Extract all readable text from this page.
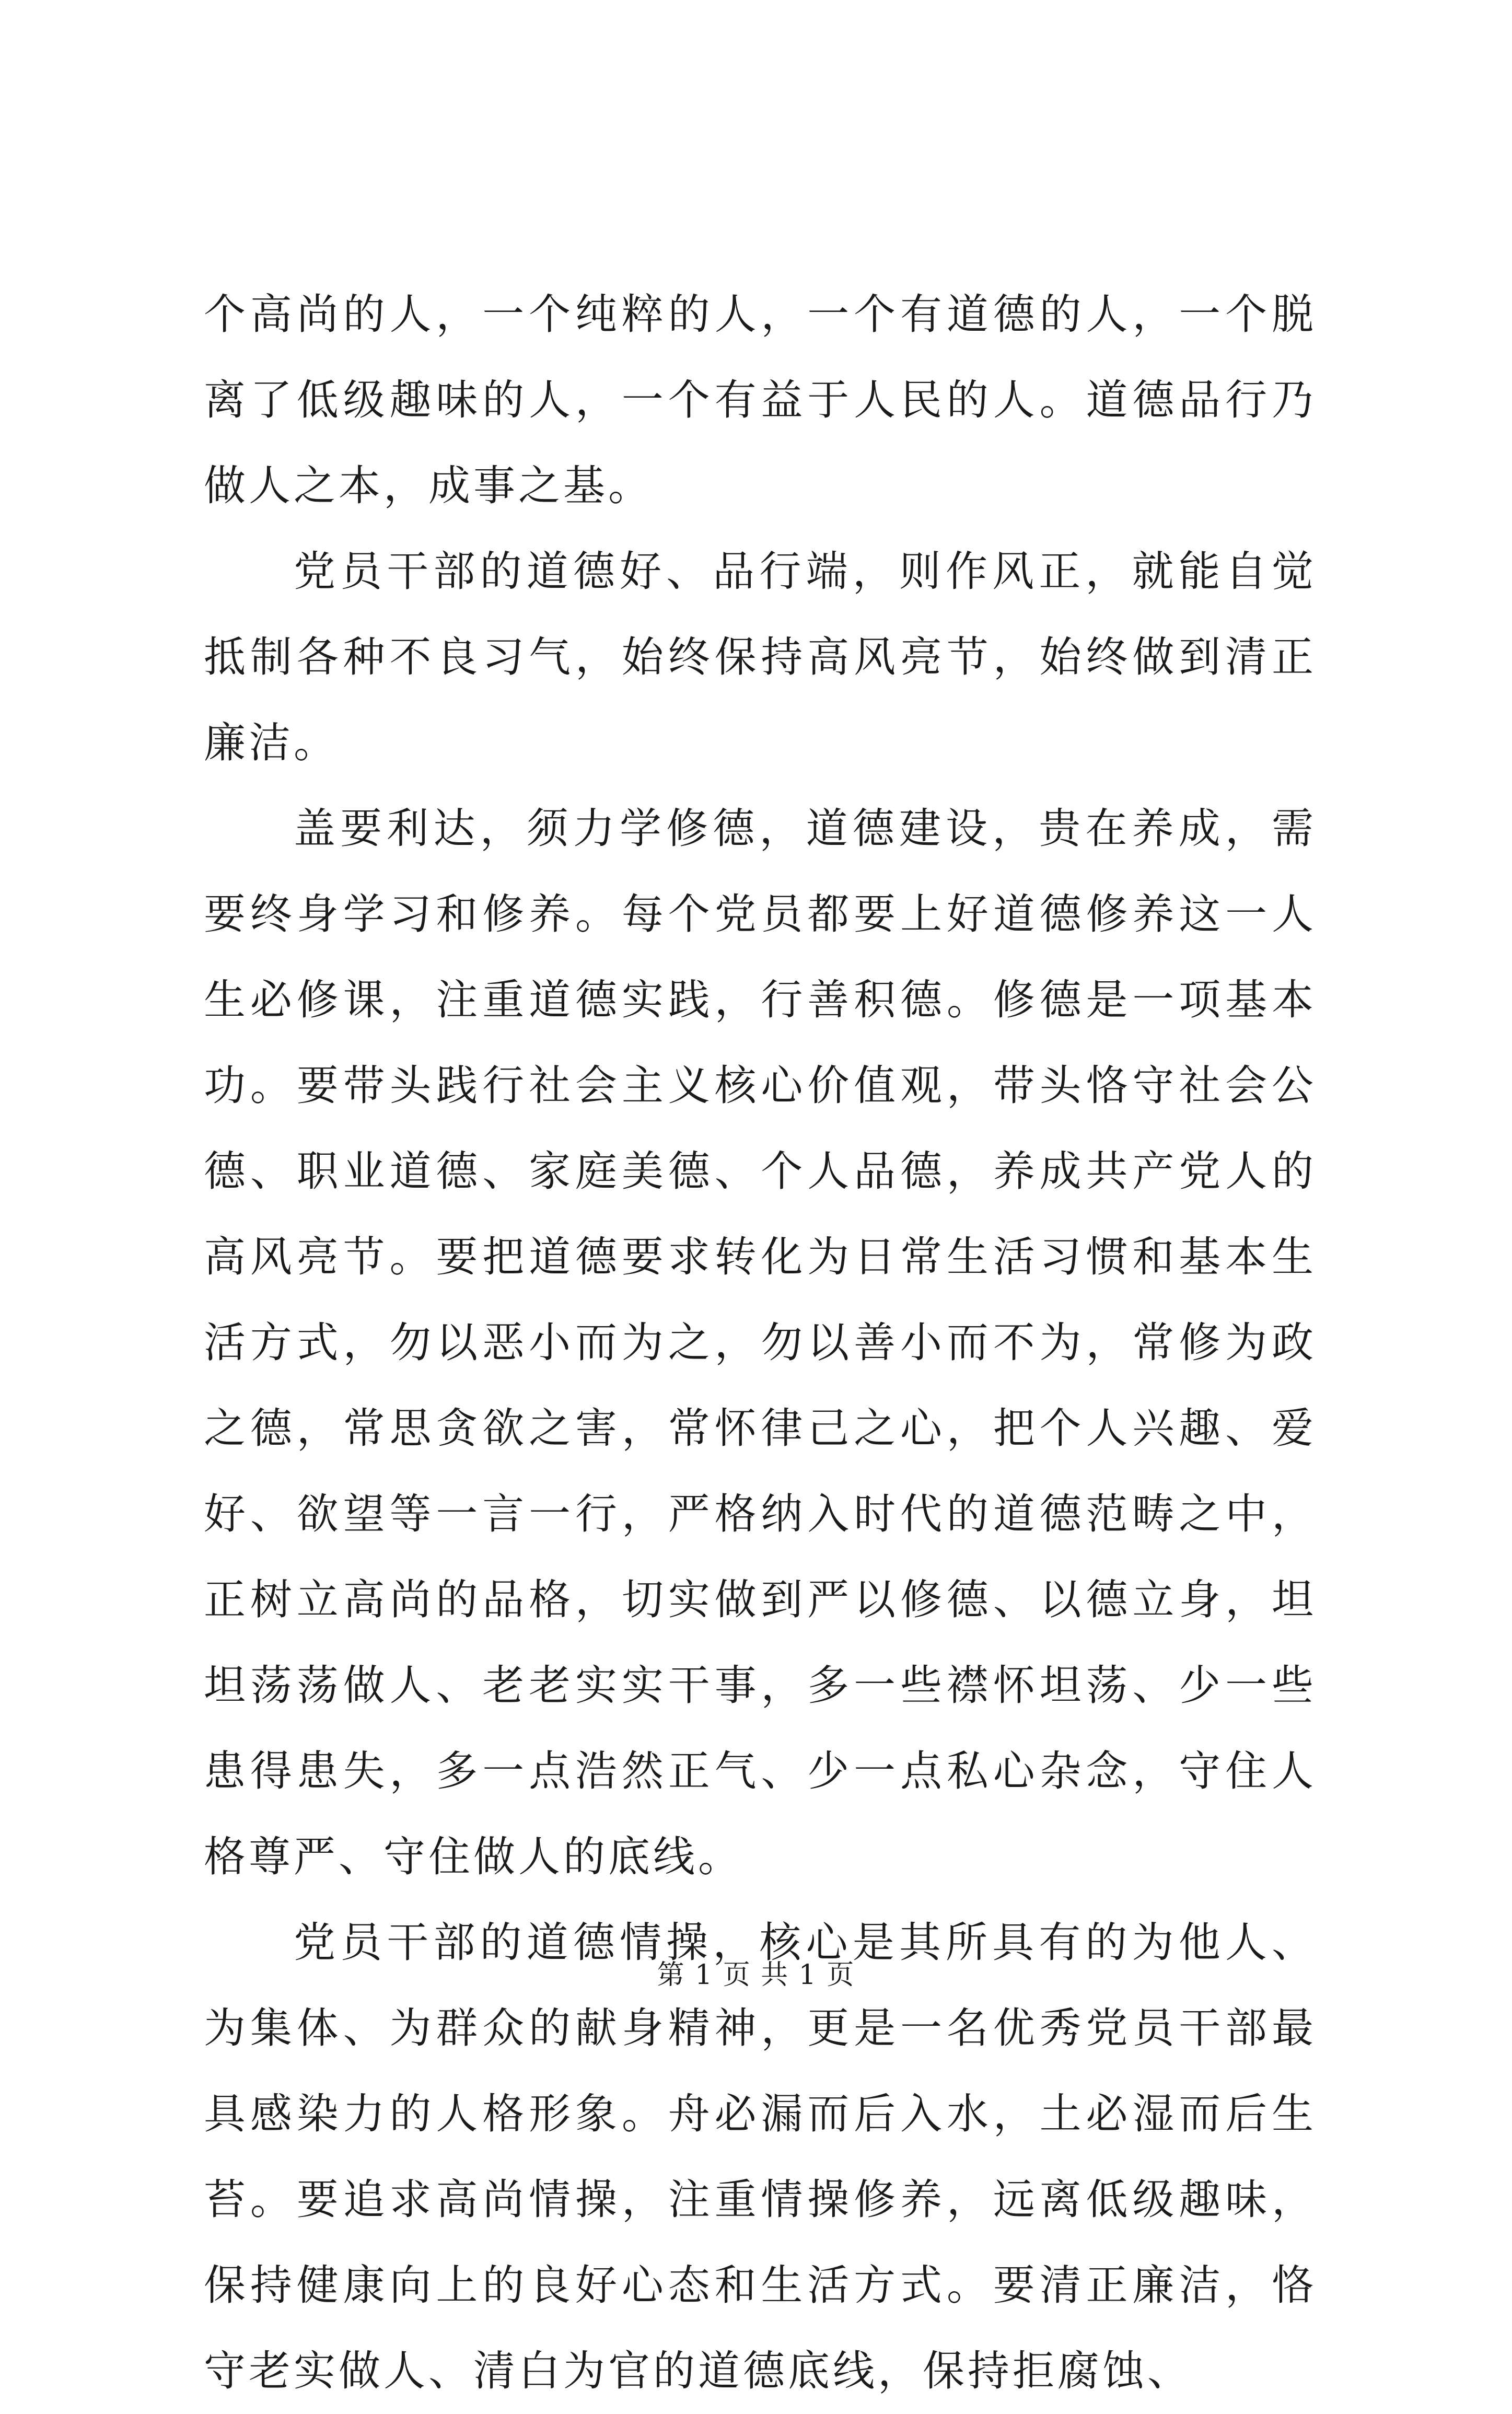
个高尚的人，一个纯粹的人，一个有道德的人，一个脱离了低级趣味的人，一个有益于人民的人。道德品行乃做人之本，成事之基。

党员干部的道德好、品行端，则作风正，就能自觉抵制各种不良习气，始终保持高风亮节，始终做到清正廉洁。

盖要利达，须力学修德，道德建设，贵在养成，需要终身学习和修养。每个党员都要上好道德修养这一人生必修课，注重道德实践，行善积德。修德是一项基本功。要带头践行社会主义核心价值观，带头恪守社会公德、职业道德、家庭美德、个人品德，养成共产党人的高风亮节。要把道德要求转化为日常生活习惯和基本生活方式，勿以恶小而为之，勿以善小而不为，常修为政之德，常思贪欲之害，常怀律己之心，把个人兴趣、爱好、欲望等一言一行，严格纳入时代的道德范畴之中，正树立高尚的品格，切实做到严以修德、以德立身，坦坦荡荡做人、老老实实干事，多一些襟怀坦荡、少一些患得患失，多一点浩然正气、少一点私心杂念，守住人格尊严、守住做人的底线。

党员干部的道德情操，核心是其所具有的为他人、为集体、为群众的献身精神，更是一名优秀党员干部最具感染力的人格形象。舟必漏而后入水，土必湿而后生苔。要追求高尚情操，注重情操修养，远离低级趣味，保持健康向上的良好心态和生活方式。要清正廉洁，恪守老实做人、清白为官的道德底线，保持拒腐蚀、

第 1 页 共 1 页
